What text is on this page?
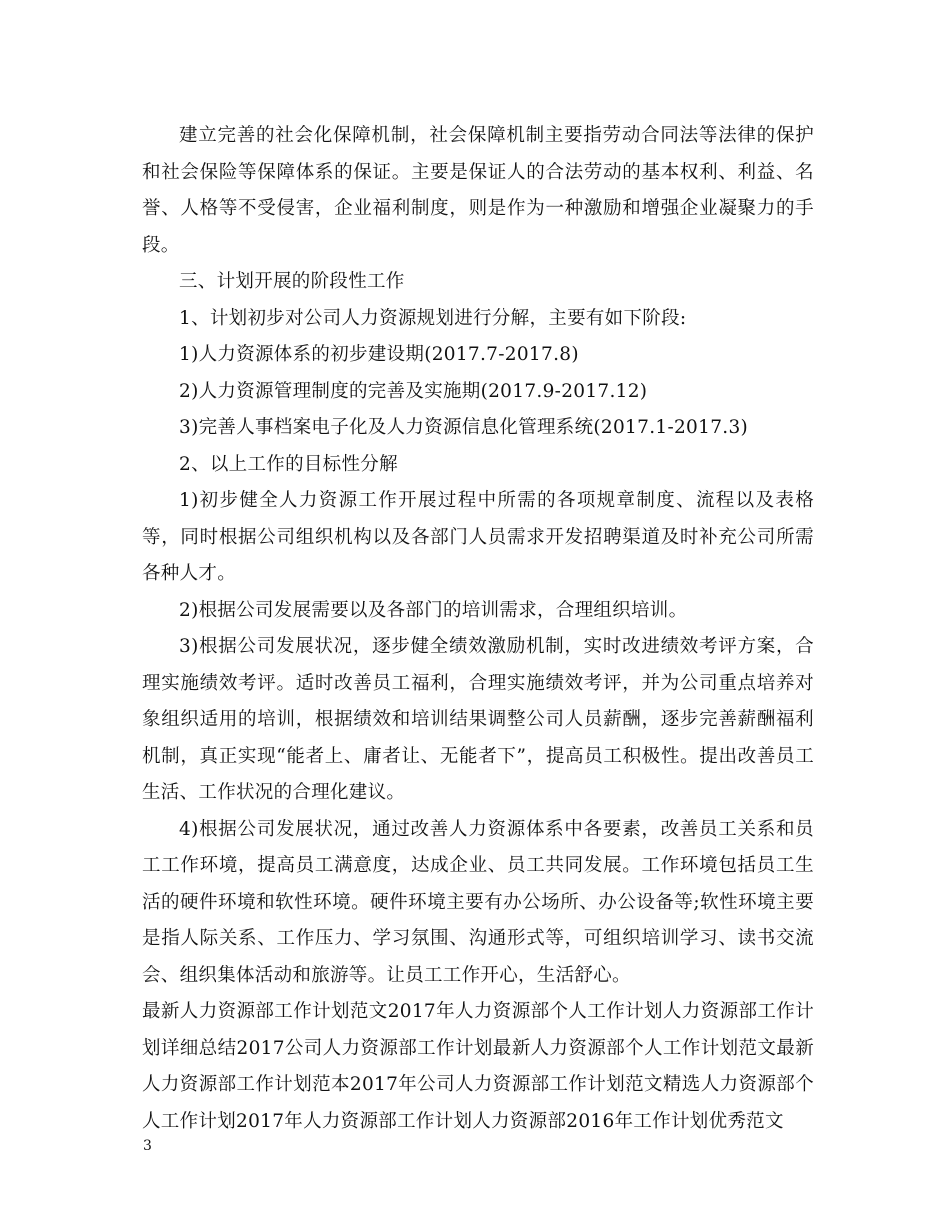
建立完善的社会化保障机制，社会保障机制主要指劳动合同法等法律的保护和社会保险等保障体系的保证。主要是保证人的合法劳动的基本权利、利益、名誉、人格等不受侵害，企业福利制度，则是作为一种激励和增强企业凝聚力的手段。

三、计划开展的阶段性工作

1、计划初步对公司人力资源规划进行分解，主要有如下阶段:

1)人力资源体系的初步建设期(2017.7-2017.8)

2)人力资源管理制度的完善及实施期(2017.9-2017.12)

3)完善人事档案电子化及人力资源信息化管理系统(2017.1-2017.3)

2、以上工作的目标性分解

1)初步健全人力资源工作开展过程中所需的各项规章制度、流程以及表格等，同时根据公司组织机构以及各部门人员需求开发招聘渠道及时补充公司所需各种人才。

2)根据公司发展需要以及各部门的培训需求，合理组织培训。

3)根据公司发展状况，逐步健全绩效激励机制，实时改进绩效考评方案，合理实施绩效考评。适时改善员工福利，合理实施绩效考评，并为公司重点培养对象组织适用的培训，根据绩效和培训结果调整公司人员薪酬，逐步完善薪酬福利机制，真正实现“能者上、庸者让、无能者下”，提高员工积极性。提出改善员工生活、工作状况的合理化建议。

4)根据公司发展状况，通过改善人力资源体系中各要素，改善员工关系和员工工作环境，提高员工满意度，达成企业、员工共同发展。工作环境包括员工生活的硬件环境和软性环境。硬件环境主要有办公场所、办公设备等;软性环境主要是指人际关系、工作压力、学习氛围、沟通形式等，可组织培训学习、读书交流会、组织集体活动和旅游等。让员工工作开心，生活舒心。

最新人力资源部工作计划范文2017年人力资源部个人工作计划人力资源部工作计划详细总结2017公司人力资源部工作计划最新人力资源部个人工作计划范文最新人力资源部工作计划范本2017年公司人力资源部工作计划范文精选人力资源部个人工作计划2017年人力资源部工作计划人力资源部2016年工作计划优秀范文

3
